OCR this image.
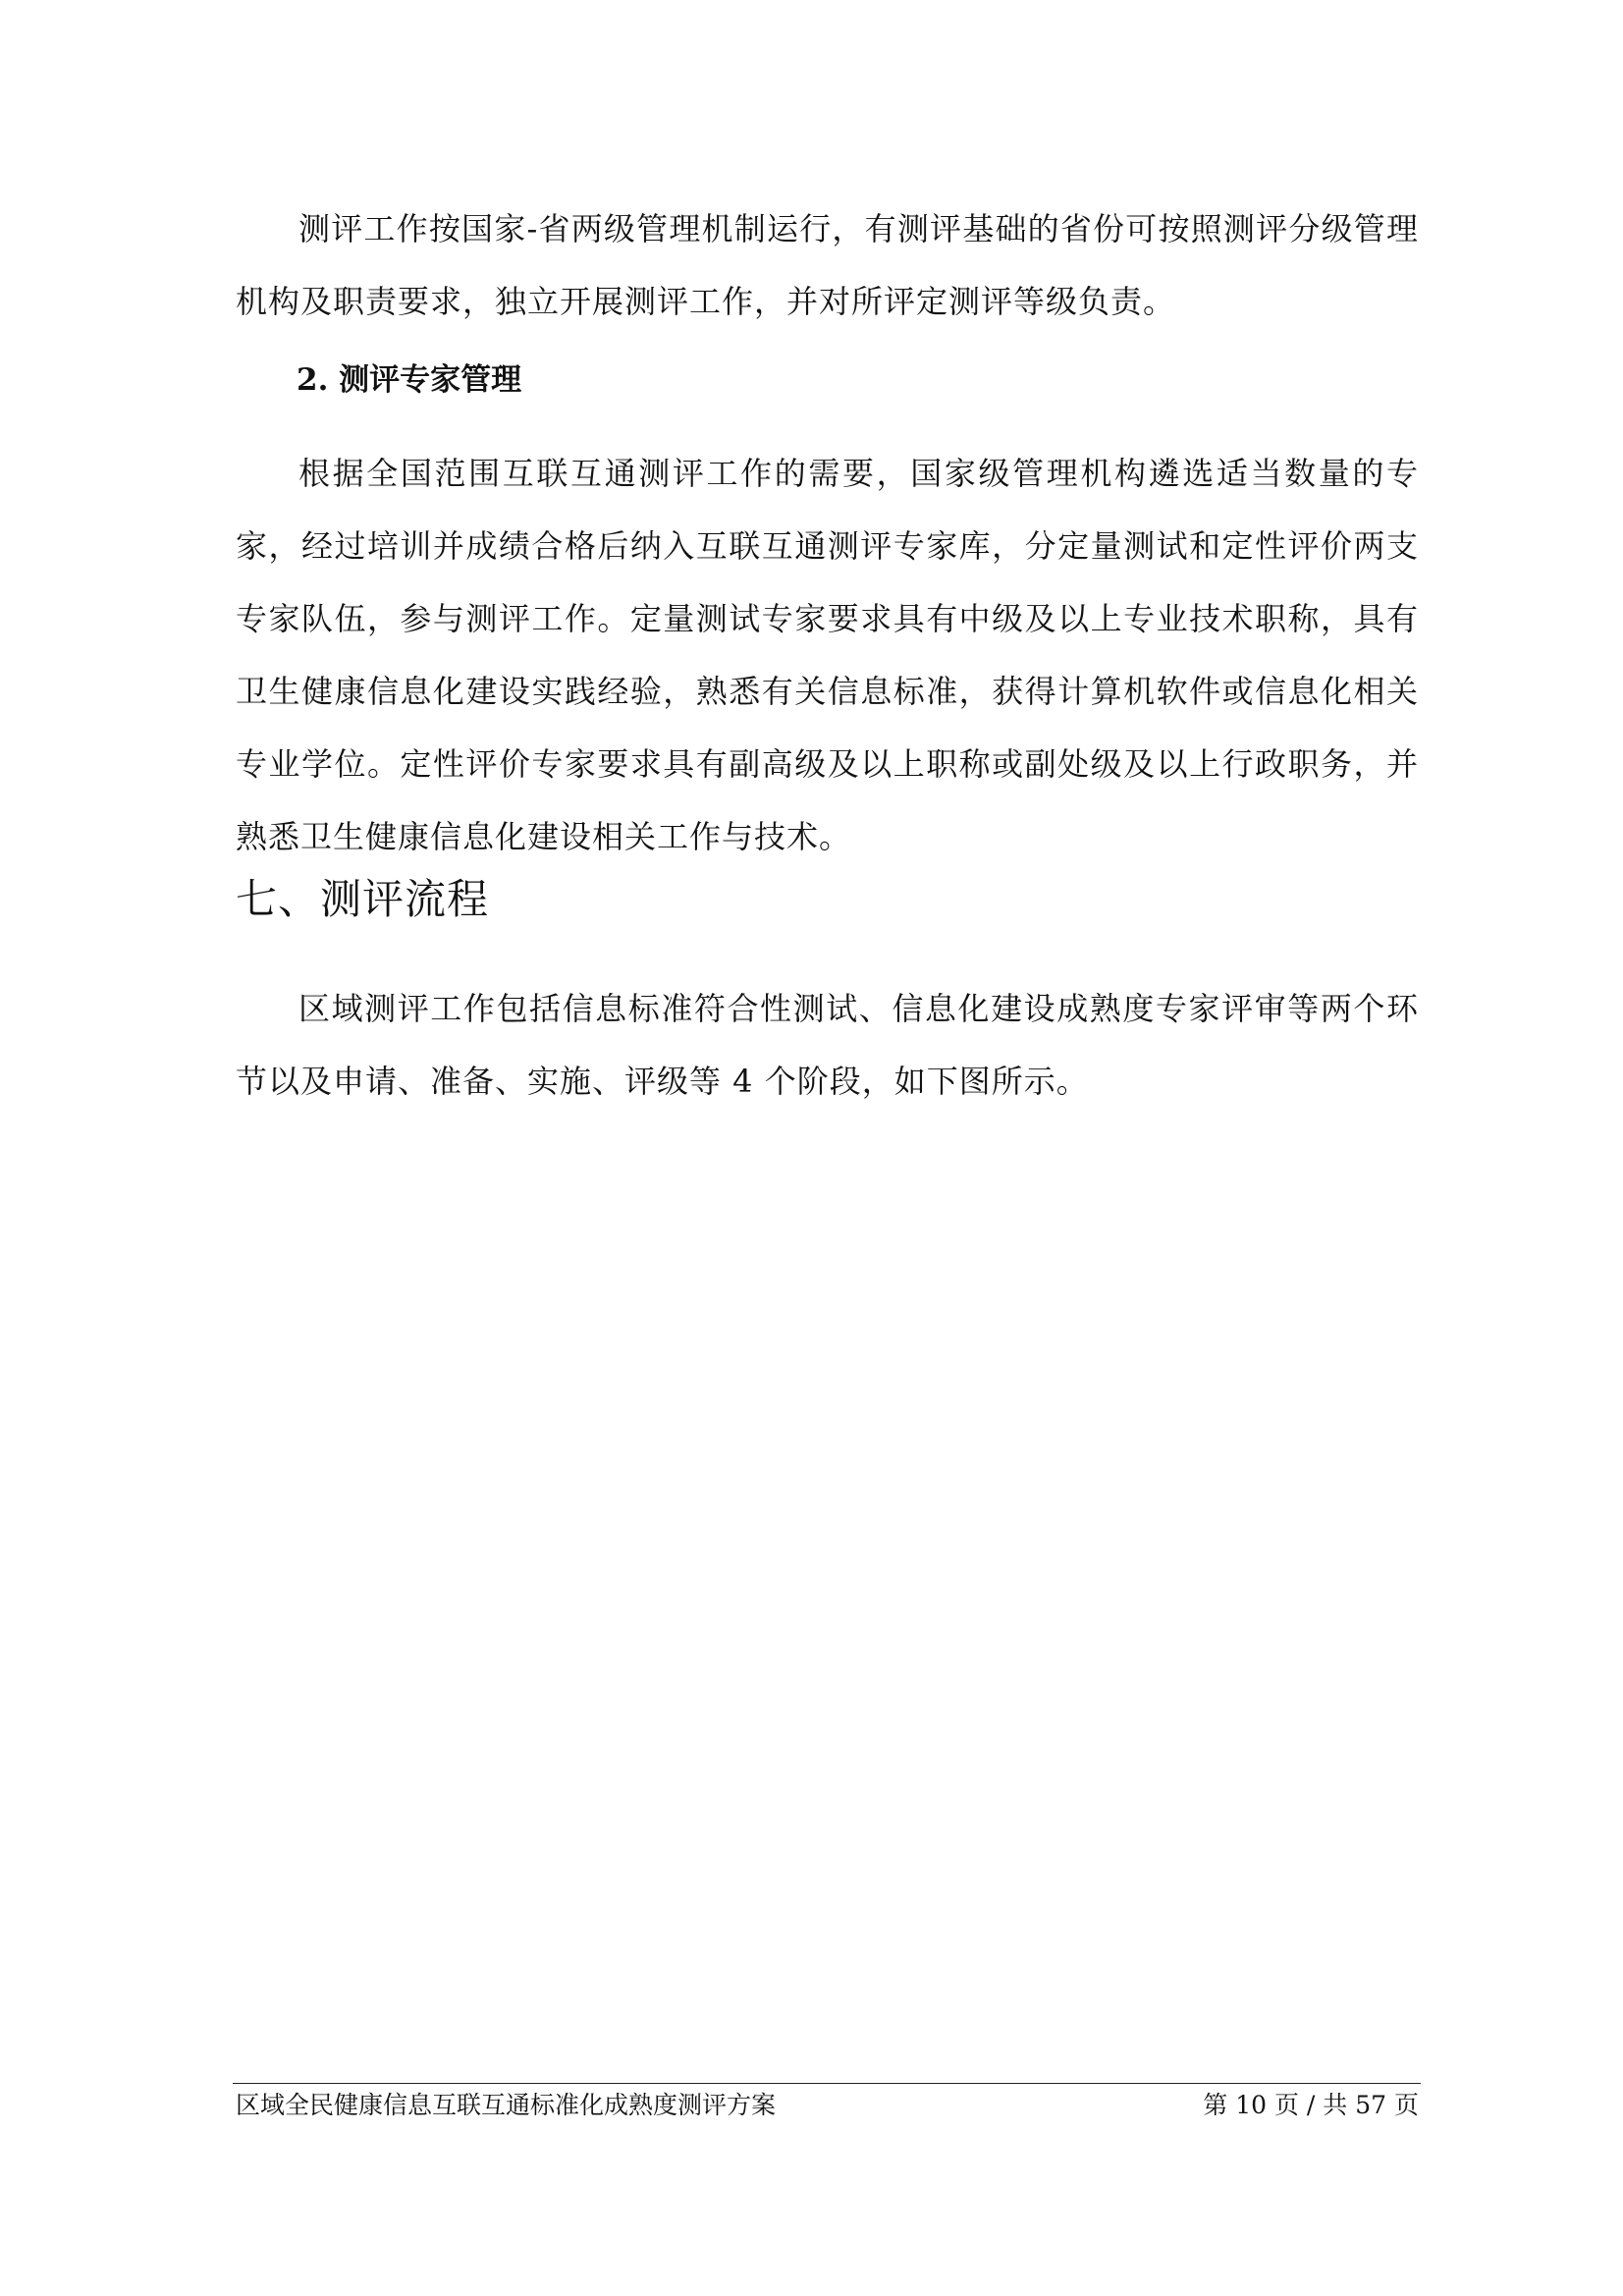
测评工作按国家-省两级管理机制运行，有测评基础的省份可按照测评分级管理机构及职责要求，独立开展测评工作，并对所评定测评等级负责。

2. 测评专家管理

根据全国范围互联互通测评工作的需要，国家级管理机构遴选适当数量的专家，经过培训并成绩合格后纳入互联互通测评专家库，分定量测试和定性评价两支专家队伍，参与测评工作。定量测试专家要求具有中级及以上专业技术职称，具有卫生健康信息化建设实践经验，熟悉有关信息标准，获得计算机软件或信息化相关专业学位。定性评价专家要求具有副高级及以上职称或副处级及以上行政职务，并熟悉卫生健康信息化建设相关工作与技术。

七、测评流程

区域测评工作包括信息标准符合性测试、信息化建设成熟度专家评审等两个环节以及申请、准备、实施、评级等 4 个阶段，如下图所示。

区域全民健康信息互联互通标准化成熟度测评方案	第 10 页 / 共 57 页
